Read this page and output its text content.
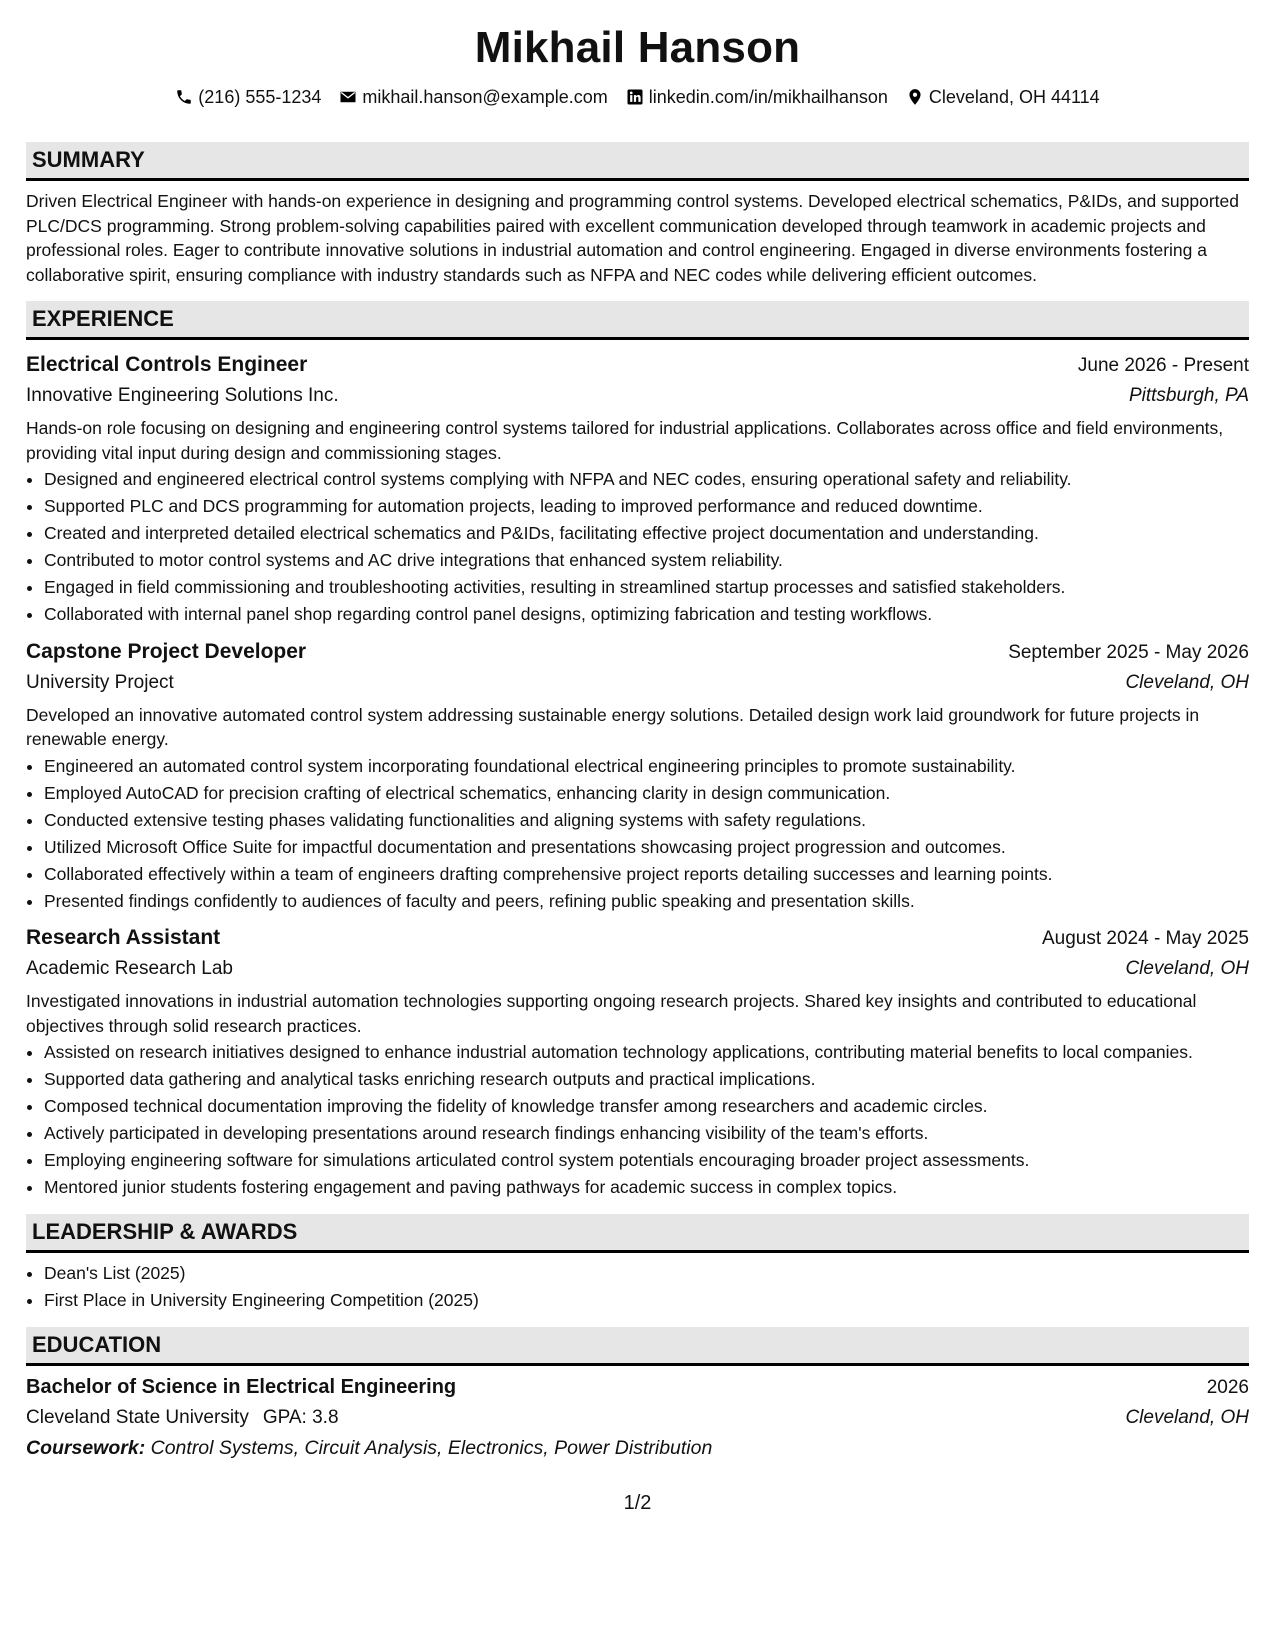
Mikhail Hanson
(216) 555-1234 mikhail.hanson@example.com linkedin.com/in/mikhailhanson Cleveland, OH 44114
SUMMARY
Driven Electrical Engineer with hands-on experience in designing and programming control systems. Developed electrical schematics, P&IDs, and supported PLC/DCS programming. Strong problem-solving capabilities paired with excellent communication developed through teamwork in academic projects and professional roles. Eager to contribute innovative solutions in industrial automation and control engineering. Engaged in diverse environments fostering a collaborative spirit, ensuring compliance with industry standards such as NFPA and NEC codes while delivering efficient outcomes.
EXPERIENCE
Electrical Controls Engineer	June 2026 - Present
Innovative Engineering Solutions Inc.	Pittsburgh, PA
Hands-on role focusing on designing and engineering control systems tailored for industrial applications. Collaborates across office and field environments, providing vital input during design and commissioning stages.
• Designed and engineered electrical control systems complying with NFPA and NEC codes, ensuring operational safety and reliability.
• Supported PLC and DCS programming for automation projects, leading to improved performance and reduced downtime.
• Created and interpreted detailed electrical schematics and P&IDs, facilitating effective project documentation and understanding.
• Contributed to motor control systems and AC drive integrations that enhanced system reliability.
• Engaged in field commissioning and troubleshooting activities, resulting in streamlined startup processes and satisfied stakeholders.
• Collaborated with internal panel shop regarding control panel designs, optimizing fabrication and testing workflows.
Capstone Project Developer	September 2025 - May 2026
University Project	Cleveland, OH
Developed an innovative automated control system addressing sustainable energy solutions. Detailed design work laid groundwork for future projects in renewable energy.
• Engineered an automated control system incorporating foundational electrical engineering principles to promote sustainability.
• Employed AutoCAD for precision crafting of electrical schematics, enhancing clarity in design communication.
• Conducted extensive testing phases validating functionalities and aligning systems with safety regulations.
• Utilized Microsoft Office Suite for impactful documentation and presentations showcasing project progression and outcomes.
• Collaborated effectively within a team of engineers drafting comprehensive project reports detailing successes and learning points.
• Presented findings confidently to audiences of faculty and peers, refining public speaking and presentation skills.
Research Assistant	August 2024 - May 2025
Academic Research Lab	Cleveland, OH
Investigated innovations in industrial automation technologies supporting ongoing research projects. Shared key insights and contributed to educational objectives through solid research practices.
• Assisted on research initiatives designed to enhance industrial automation technology applications, contributing material benefits to local companies.
• Supported data gathering and analytical tasks enriching research outputs and practical implications.
• Composed technical documentation improving the fidelity of knowledge transfer among researchers and academic circles.
• Actively participated in developing presentations around research findings enhancing visibility of the team's efforts.
• Employing engineering software for simulations articulated control system potentials encouraging broader project assessments.
• Mentored junior students fostering engagement and paving pathways for academic success in complex topics.
LEADERSHIP & AWARDS
• Dean's List (2025)
• First Place in University Engineering Competition (2025)
EDUCATION
Bachelor of Science in Electrical Engineering	2026
Cleveland State University GPA: 3.8	Cleveland, OH
Coursework: Control Systems, Circuit Analysis, Electronics, Power Distribution
1/2
